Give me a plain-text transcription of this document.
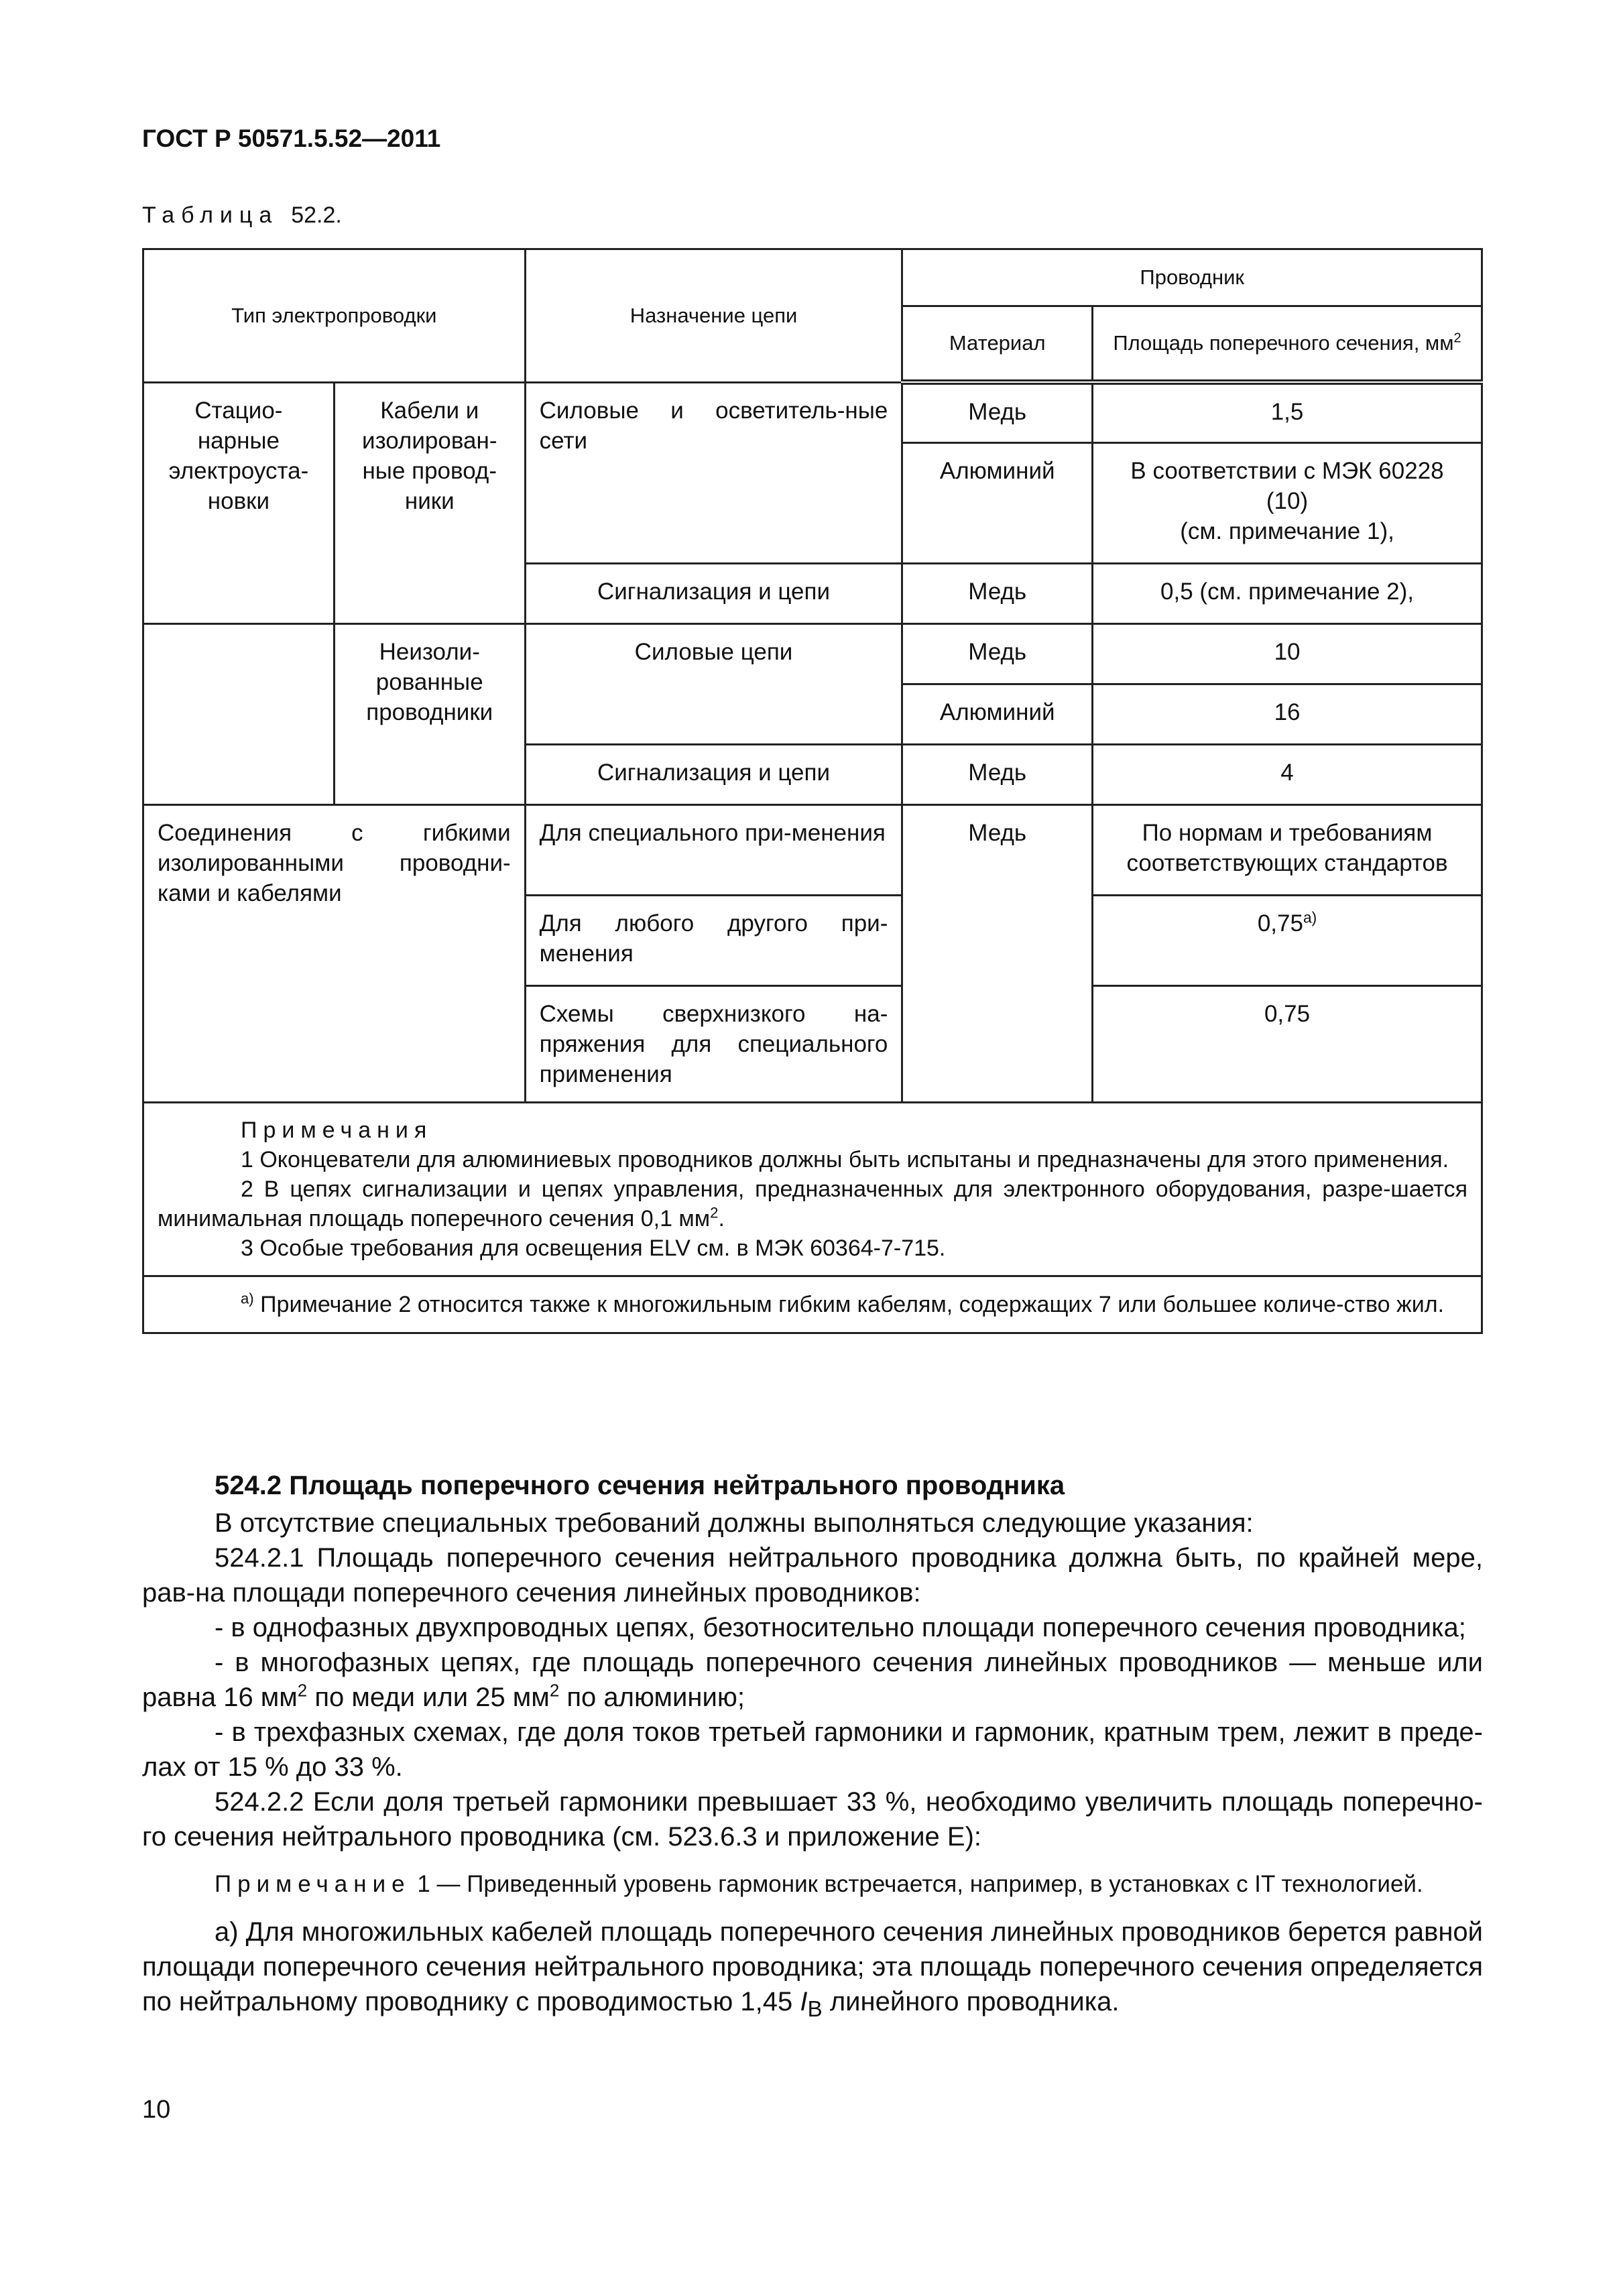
ГОСТ Р 50571.5.52—2011
Таблица 52.2.
Тип электропроводки		Назначение цепи	Проводник	
			Материал	Площадь поперечного сечения, $мм^2$
Стацио-нарные электроуста-новки	Кабели и изолирован-ные провод-ники	Силовые и осветитель-ные сети	Медь	1,5
			Алюминий	В соответствии с МЭК 60228
(10)
(см. примечание 1),

		Сигнализация и цепи	Медь	0,5 (см. примечание 2),
	Неизоли-рованные проводники	Силовые цепи	Медь	10
			Алюминий	16
		Сигнализация и цепи	Медь	4
Соединения с гибкими изолированными проводни-ками и кабелями		Для специального при-менения	Медь	По нормам и требованиям соответствующих стандартов
		Для любого другого при-менения		$0,75^{а)}$
		Схемы сверхнизкого на-пряжения для специального применения		0,75

Примечания

1 Оконцеватели для алюминиевых проводников должны быть испытаны и предназначены для этого применения.

2 В цепях сигнализации и цепях управления, предназначенных для электронного оборудования, разре-шается минимальная площадь поперечного сечения 0,1 $мм^2$.

3 Особые требования для освещения ELV см. в МЭК 60364-7-715.				

$^{а)}$ Примечание 2 относится также к многожильным гибким кабелям, содержащих 7 или большее количе-ство жил.				

524.2 Площадь поперечного сечения нейтрального проводника

В отсутствие специальных требований должны выполняться следующие указания:

524.2.1 Площадь поперечного сечения нейтрального проводника должна быть, по крайней мере, рав-на площади поперечного сечения линейных проводников:

- в однофазных двухпроводных цепях, безотносительно площади поперечного сечения проводника;

- в многофазных цепях, где площадь поперечного сечения линейных проводников — меньше или равна 16 $мм^2$ по меди или 25 $мм^2$ по алюминию;

- в трехфазных схемах, где доля токов третьей гармоники и гармоник, кратным трем, лежит в преде-лах от 15 % до 33 %.

524.2.2 Если доля третьей гармоники превышает 33 %, необходимо увеличить площадь поперечно-го сечения нейтрального проводника (см. 523.6.3 и приложение Е):

Примечание 1 — Приведенный уровень гармоник встречается, например, в установках с IT технологией.

а) Для многожильных кабелей площадь поперечного сечения линейных проводников берется равной площади поперечного сечения нейтрального проводника; эта площадь поперечного сечения определяется по нейтральному проводнику с проводимостью 1,45 $I_B$ линейного проводника.

10
